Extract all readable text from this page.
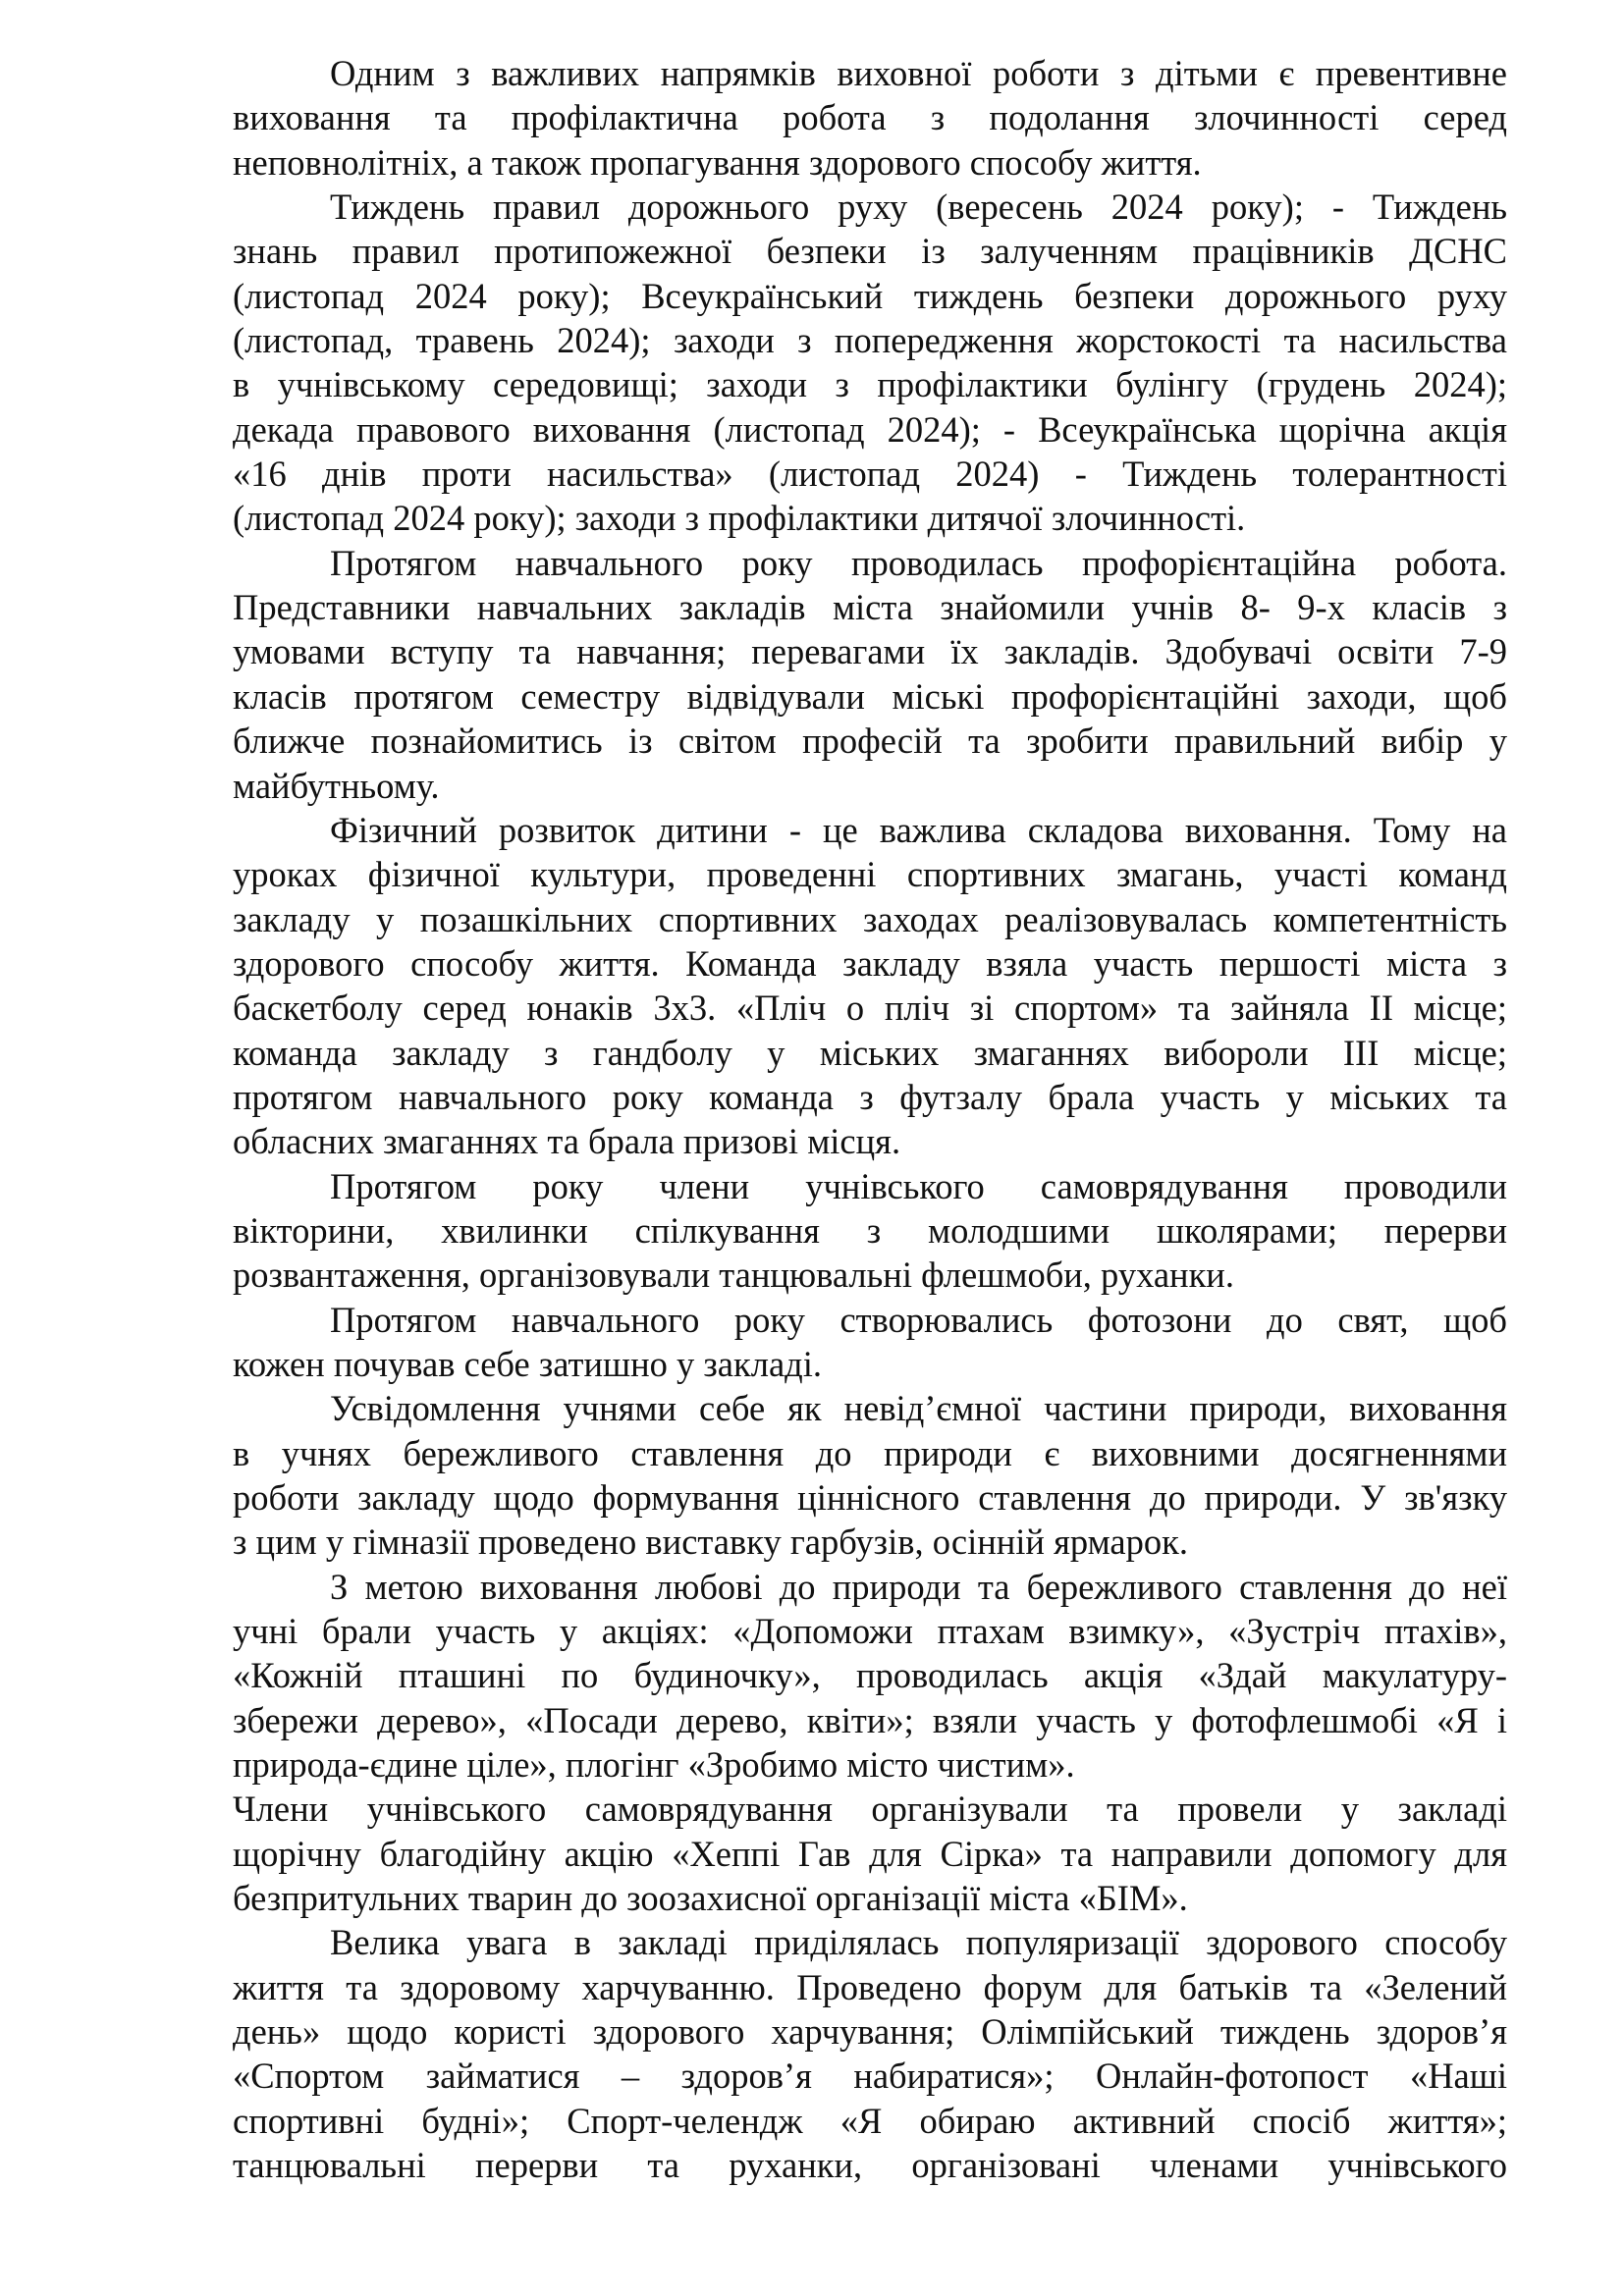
Одним з важливих напрямків виховної роботи з дітьми є превентивне
виховання та профілактична робота з подолання злочинності серед
неповнолітніх, а також пропагування здорового способу життя.
Тиждень правил дорожнього руху (вересень 2024 року); - Тиждень
знань правил протипожежної безпеки із залученням працівників ДСНС
(листопад 2024 року); Всеукраїнський тиждень безпеки дорожнього руху
(листопад, травень 2024); заходи з попередження жорстокості та насильства
в учнівському середовищі; заходи з профілактики булінгу (грудень 2024);
декада правового виховання (листопад 2024); - Всеукраїнська щорічна акція
«16 днів проти насильства» (листопад 2024) - Тиждень толерантності
(листопад 2024 року); заходи з профілактики дитячої злочинності.
Протягом навчального року проводилась профорієнтаційна робота.
Представники навчальних закладів міста знайомили учнів 8- 9-х класів з
умовами вступу та навчання; перевагами їх закладів. Здобувачі освіти 7-9
класів протягом семестру відвідували міські профорієнтаційні заходи, щоб
ближче познайомитись із світом професій та зробити правильний вибір у
майбутньому.
Фізичний розвиток дитини - це важлива складова виховання. Тому на
уроках фізичної культури, проведенні спортивних змагань, участі команд
закладу у позашкільних спортивних заходах реалізовувалась компетентність
здорового способу життя. Команда закладу взяла участь першості міста з
баскетболу серед юнаків 3х3. «Пліч о пліч зі спортом» та зайняла ІІ місце;
команда закладу з гандболу у міських змаганнях вибороли ІІІ місце;
протягом навчального року команда з футзалу брала участь у міських та
обласних змаганнях та брала призові місця.
Протягом року члени учнівського самоврядування проводили
вікторини, хвилинки спілкування з молодшими школярами; перерви
розвантаження, організовували танцювальні флешмоби, руханки.
Протягом навчального року створювались фотозони до свят, щоб
кожен почував себе затишно у закладі.
Усвідомлення учнями себе як невід’ємної частини природи, виховання
в учнях бережливого ставлення до природи є виховними досягненнями
роботи закладу щодо формування ціннісного ставлення до природи. У зв'язку
з цим у гімназії проведено виставку гарбузів, осінній ярмарок.
З метою виховання любові до природи та бережливого ставлення до неї
учні брали участь у акціях: «Допоможи птахам взимку», «Зустріч птахів»,
«Кожній пташині по будиночку», проводилась акція «Здай макулатуру-
збережи дерево», «Посади дерево, квіти»; взяли участь у фотофлешмобі «Я і
природа-єдине ціле», плогінг «Зробимо місто чистим».
Члени учнівського самоврядування організували та провели у закладі
щорічну благодійну акцію «Хеппі Гав для Сірка» та направили допомогу для
безпритульних тварин до зоозахисної організації міста «БІМ».
Велика увага в закладі приділялась популяризації здорового способу
життя та здоровому харчуванню. Проведено форум для батьків та «Зелений
день» щодо користі здорового харчування; Олімпійський тиждень здоров’я
«Спортом займатися – здоров’я набиратися»; Онлайн-фотопост «Наші
спортивні будні»; Спорт-челендж «Я обираю активний спосіб життя»;
танцювальні перерви та руханки, організовані членами учнівського
